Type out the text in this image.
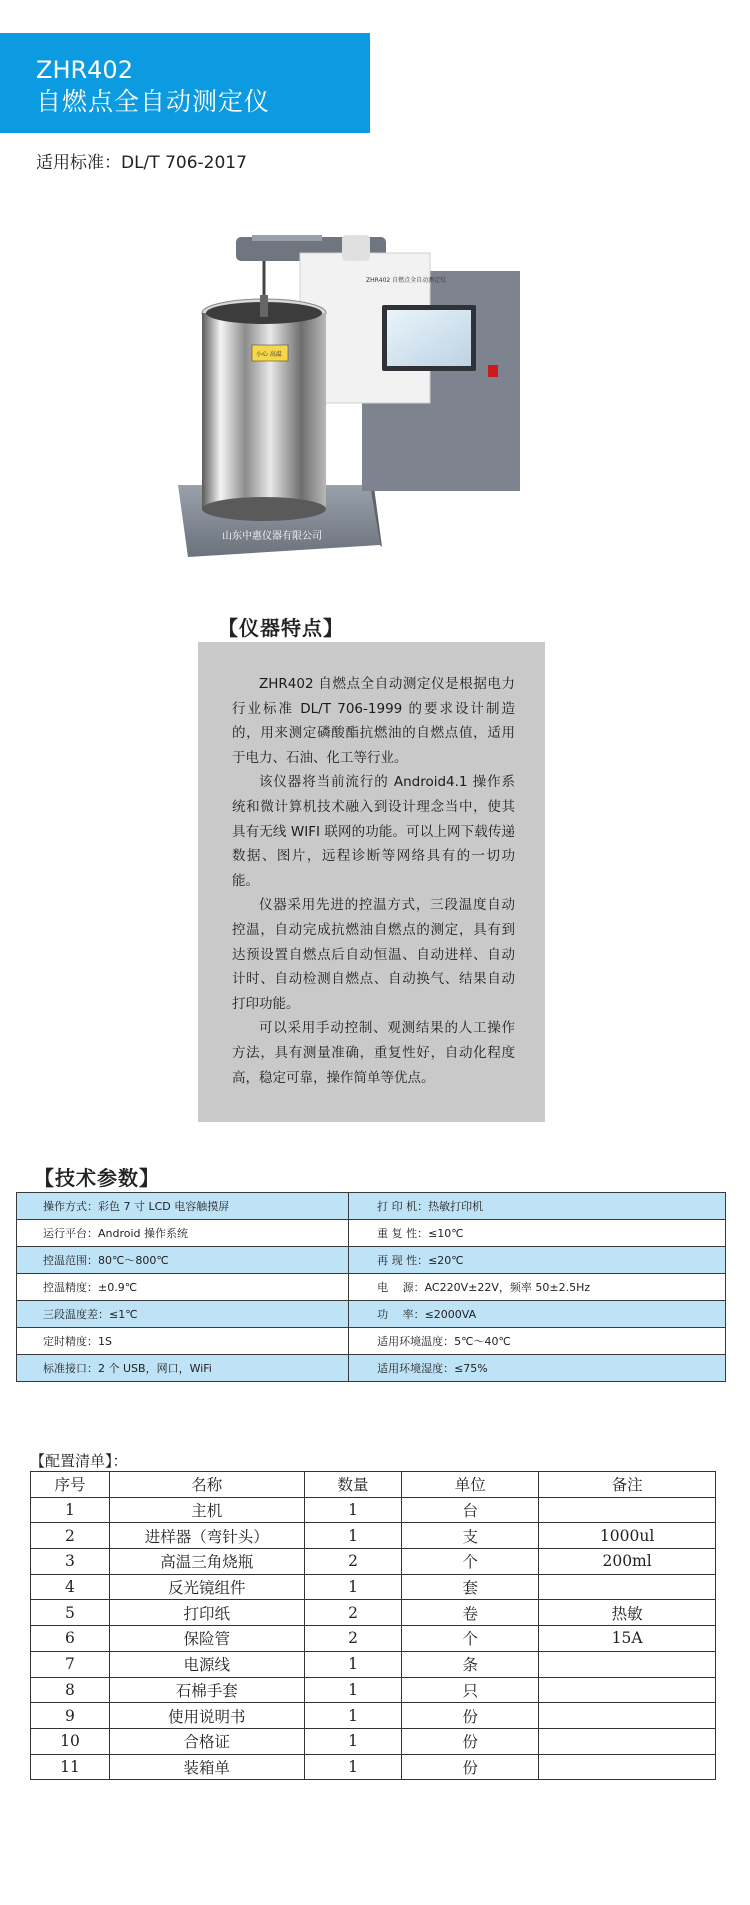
ZHR402
自燃点全自动测定仪
适用标准：DL/T 706-2017
山东中惠仪器有限公司
ZHR402 自燃点全自动测定仪
小心 高温
【仪器特点】

ZHR402 自燃点全自动测定仪是根据电力行业标准 DL/T 706-1999 的要求设计制造的，用来测定磷酸酯抗燃油的自燃点值，适用于电力、石油、化工等行业。

该仪器将当前流行的 Android4.1 操作系统和微计算机技术融入到设计理念当中，使其具有无线 WIFI 联网的功能。可以上网下载传递数据、图片，远程诊断等网络具有的一切功能。

仪器采用先进的控温方式，三段温度自动控温，自动完成抗燃油自燃点的测定，具有到达预设置自燃点后自动恒温、自动进样、自动计时、自动检测自燃点、自动换气、结果自动打印功能。

可以采用手动控制、观测结果的人工操作方法，具有测量准确，重复性好，自动化程度高，稳定可靠，操作简单等优点。

【技术参数】
操作方式：彩色 7 寸 LCD 电容触摸屏	打 印 机：热敏打印机
运行平台：Android 操作系统	重 复 性：≤10℃
控温范围：80℃～800℃	再 现 性：≤20℃
控温精度：±0.9℃	电　 源：AC220V±22V，频率 50±2.5Hz
三段温度差：≤1℃	功　 率：≤2000VA
定时精度：1S	适用环境温度：5℃～40℃
标准接口：2 个 USB，网口，WiFi	适用环境湿度：≤75%
【配置清单】：
序号	名称	数量	单位	备注
1	主机	1	台	
2	进样器（弯针头）	1	支	1000ul
3	高温三角烧瓶	2	个	200ml
4	反光镜组件	1	套	
5	打印纸	2	卷	热敏
6	保险管	2	个	15A
7	电源线	1	条	
8	石棉手套	1	只	
9	使用说明书	1	份	
10	合格证	1	份	
11	装箱单	1	份	
